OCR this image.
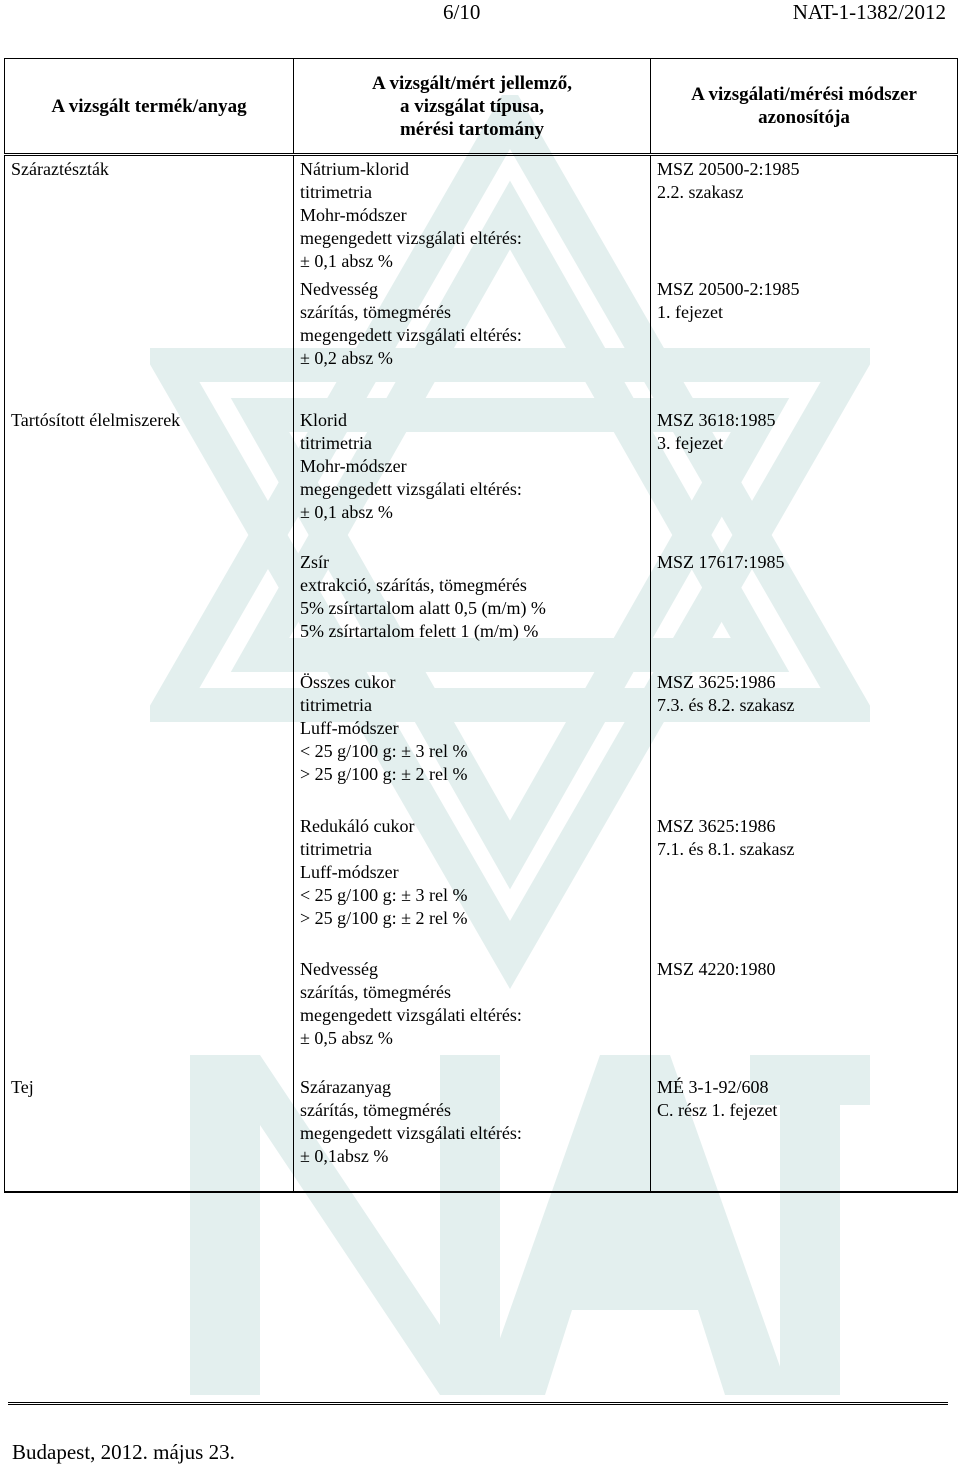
6/10	NAT-1-1382/2012
A vizsgált termék/anyag	A vizsgált/mért jellemző,
a vizsgálat típusa,
mérési tartomány	A vizsgálati/mérési módszer
azonosítója

Száraztészták	Nátrium-klorid
titrimetria
Mohr-módszer
megengedett vizsgálati eltérés:
± 0,1 absz %	MSZ 20500-2:1985
2.2. szakasz

	Nedvesség
szárítás, tömegmérés
megengedett vizsgálati eltérés:
± 0,2 absz %	MSZ 20500-2:1985
1. fejezet

Tartósított élelmiszerek	Klorid
titrimetria
Mohr-módszer
megengedett vizsgálati eltérés:
± 0,1 absz %	MSZ 3618:1985
3. fejezet

	Zsír
extrakció, szárítás, tömegmérés
5% zsírtartalom alatt 0,5 (m/m) %
5% zsírtartalom felett 1 (m/m) %	MSZ 17617:1985

	Összes cukor
titrimetria
Luff-módszer
< 25 g/100 g: ± 3 rel %
> 25 g/100 g: ± 2 rel %	MSZ 3625:1986
7.3. és 8.2. szakasz

	Redukáló cukor
titrimetria
Luff-módszer
< 25 g/100 g: ± 3 rel %
> 25 g/100 g: ± 2 rel %	MSZ 3625:1986
7.1. és 8.1. szakasz

	Nedvesség
szárítás, tömegmérés
megengedett vizsgálati eltérés:
± 0,5 absz %	MSZ 4220:1980

Tej	Szárazanyag
szárítás, tömegmérés
megengedett vizsgálati eltérés:
± 0,1absz %	MÉ 3-1-92/608
C. rész 1. fejezet
Budapest, 2012. május 23.
